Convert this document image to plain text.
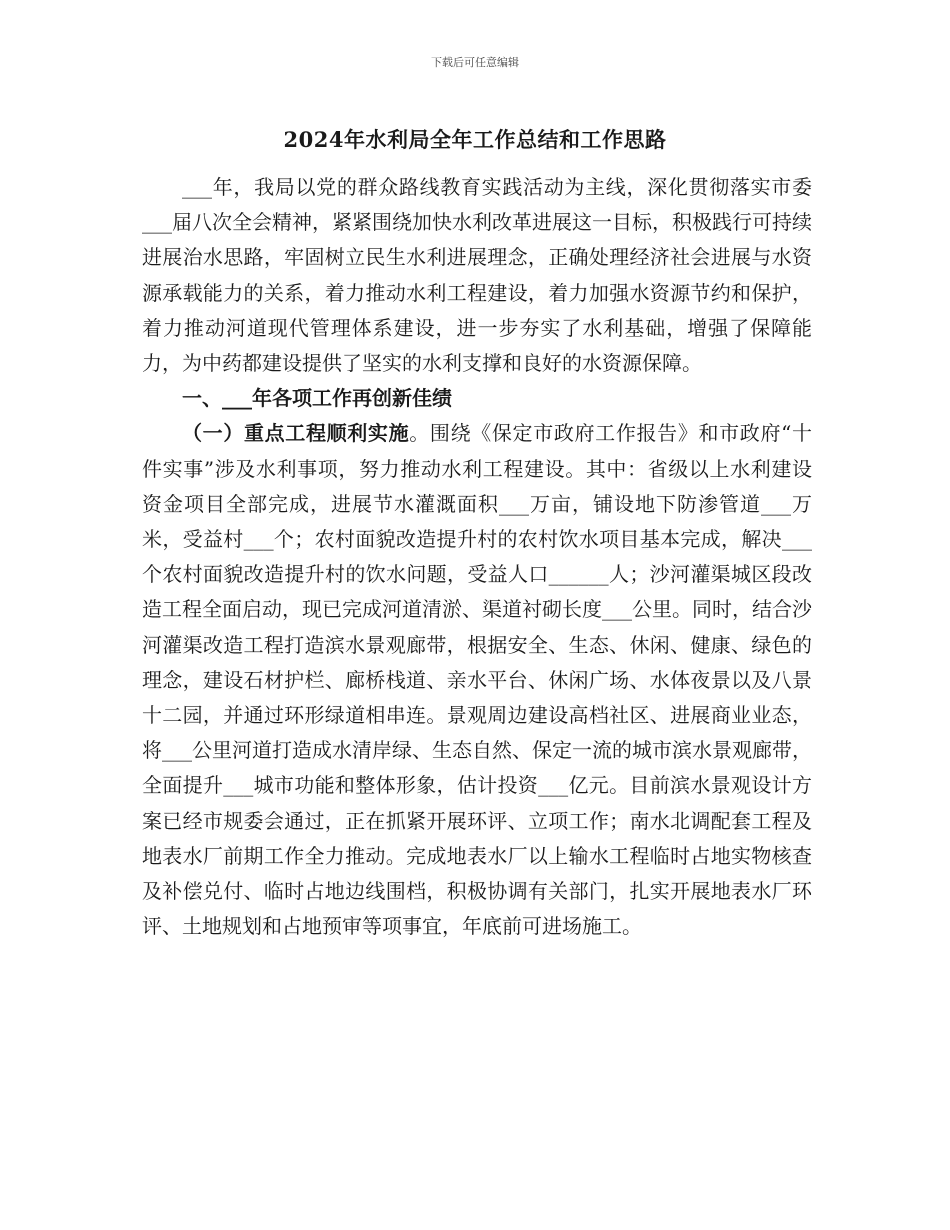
下载后可任意编辑
2024年水利局全年工作总结和工作思路

___年，我局以党的群众路线教育实践活动为主线，深化贯彻落实市委___届八次全会精神，紧紧围绕加快水利改革进展这一目标，积极践行可持续进展治水思路，牢固树立民生水利进展理念，正确处理经济社会进展与水资源承载能力的关系，着力推动水利工程建设，着力加强水资源节约和保护，着力推动河道现代管理体系建设，进一步夯实了水利基础，增强了保障能力，为中药都建设提供了坚实的水利支撑和良好的水资源保障。

一、___年各项工作再创新佳绩

（一）重点工程顺利实施。围绕《保定市政府工作报告》和市政府“十件实事”涉及水利事项，努力推动水利工程建设。其中：省级以上水利建设资金项目全部完成，进展节水灌溉面积___万亩，铺设地下防渗管道___万米，受益村___个；农村面貌改造提升村的农村饮水项目基本完成，解决___个农村面貌改造提升村的饮水问题，受益人口______人；沙河灌渠城区段改造工程全面启动，现已完成河道清淤、渠道衬砌长度___公里。同时，结合沙河灌渠改造工程打造滨水景观廊带，根据安全、生态、休闲、健康、绿色的理念，建设石材护栏、廊桥栈道、亲水平台、休闲广场、水体夜景以及八景十二园，并通过环形绿道相串连。景观周边建设高档社区、进展商业业态，将___公里河道打造成水清岸绿、生态自然、保定一流的城市滨水景观廊带，全面提升___城市功能和整体形象，估计投资___亿元。目前滨水景观设计方案已经市规委会通过，正在抓紧开展环评、立项工作；南水北调配套工程及地表水厂前期工作全力推动。完成地表水厂以上输水工程临时占地实物核查及补偿兑付、临时占地边线围档，积极协调有关部门，扎实开展地表水厂环评、土地规划和占地预审等项事宜，年底前可进场施工。
